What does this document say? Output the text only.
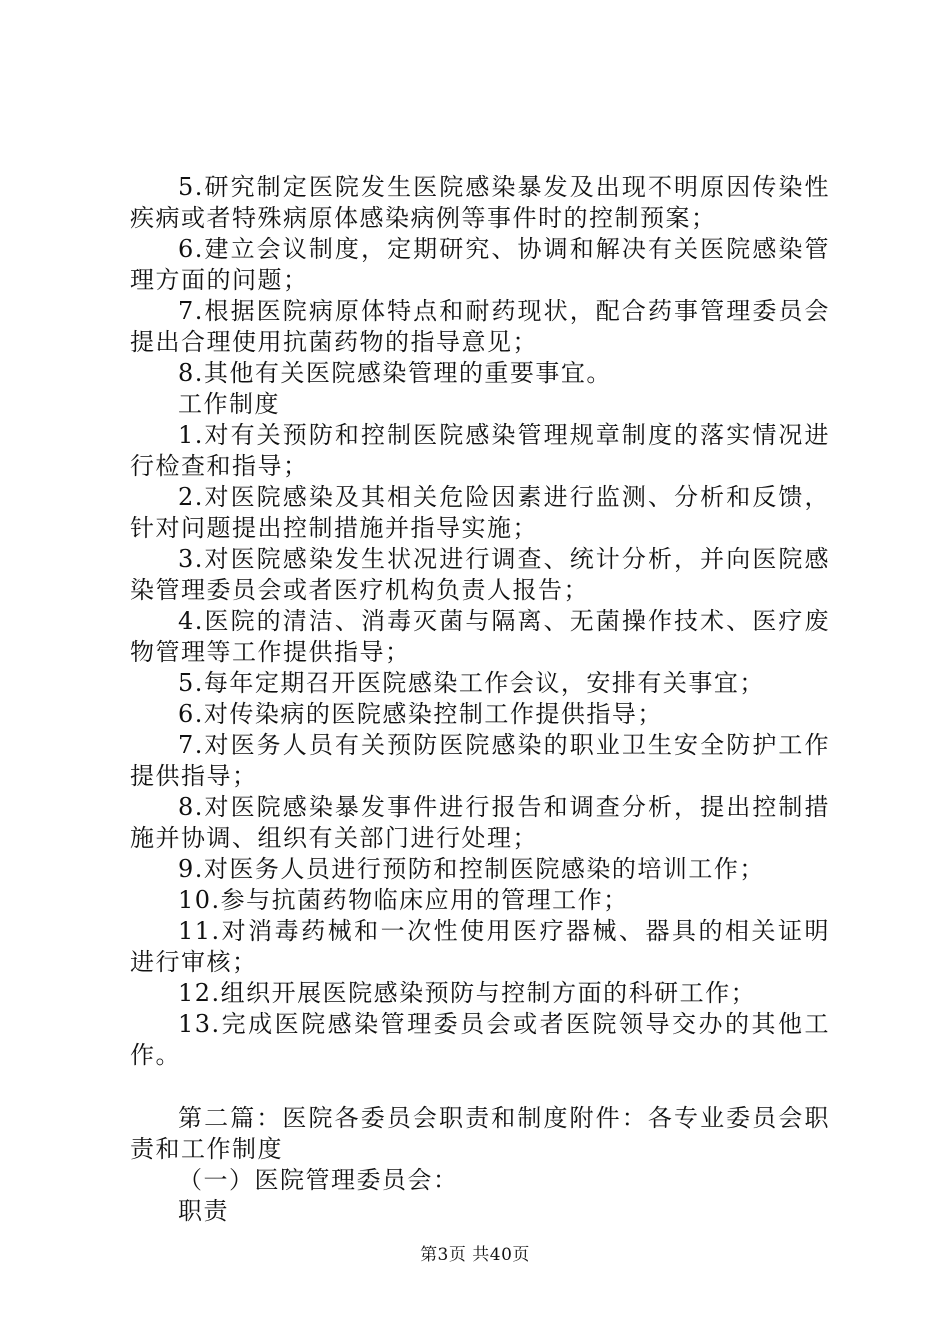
5.研究制定医院发生医院感染暴发及出现不明原因传染性疾病或者特殊病原体感染病例等事件时的控制预案；

6.建立会议制度，定期研究、协调和解决有关医院感染管理方面的问题；

7.根据医院病原体特点和耐药现状，配合药事管理委员会提出合理使用抗菌药物的指导意见；

8.其他有关医院感染管理的重要事宜。

工作制度

1.对有关预防和控制医院感染管理规章制度的落实情况进行检查和指导；

2.对医院感染及其相关危险因素进行监测、分析和反馈，针对问题提出控制措施并指导实施；

3.对医院感染发生状况进行调查、统计分析，并向医院感染管理委员会或者医疗机构负责人报告；

4.医院的清洁、消毒灭菌与隔离、无菌操作技术、医疗废物管理等工作提供指导；

5.每年定期召开医院感染工作会议，安排有关事宜；

6.对传染病的医院感染控制工作提供指导；

7.对医务人员有关预防医院感染的职业卫生安全防护工作提供指导；

8.对医院感染暴发事件进行报告和调查分析，提出控制措施并协调、组织有关部门进行处理；

9.对医务人员进行预防和控制医院感染的培训工作；

10.参与抗菌药物临床应用的管理工作；

11.对消毒药械和一次性使用医疗器械、器具的相关证明进行审核；

12.组织开展医院感染预防与控制方面的科研工作；

13.完成医院感染管理委员会或者医院领导交办的其他工作。

第二篇：医院各委员会职责和制度附件：各专业委员会职责和工作制度

（一）医院管理委员会：

职责

第3页 共40页
